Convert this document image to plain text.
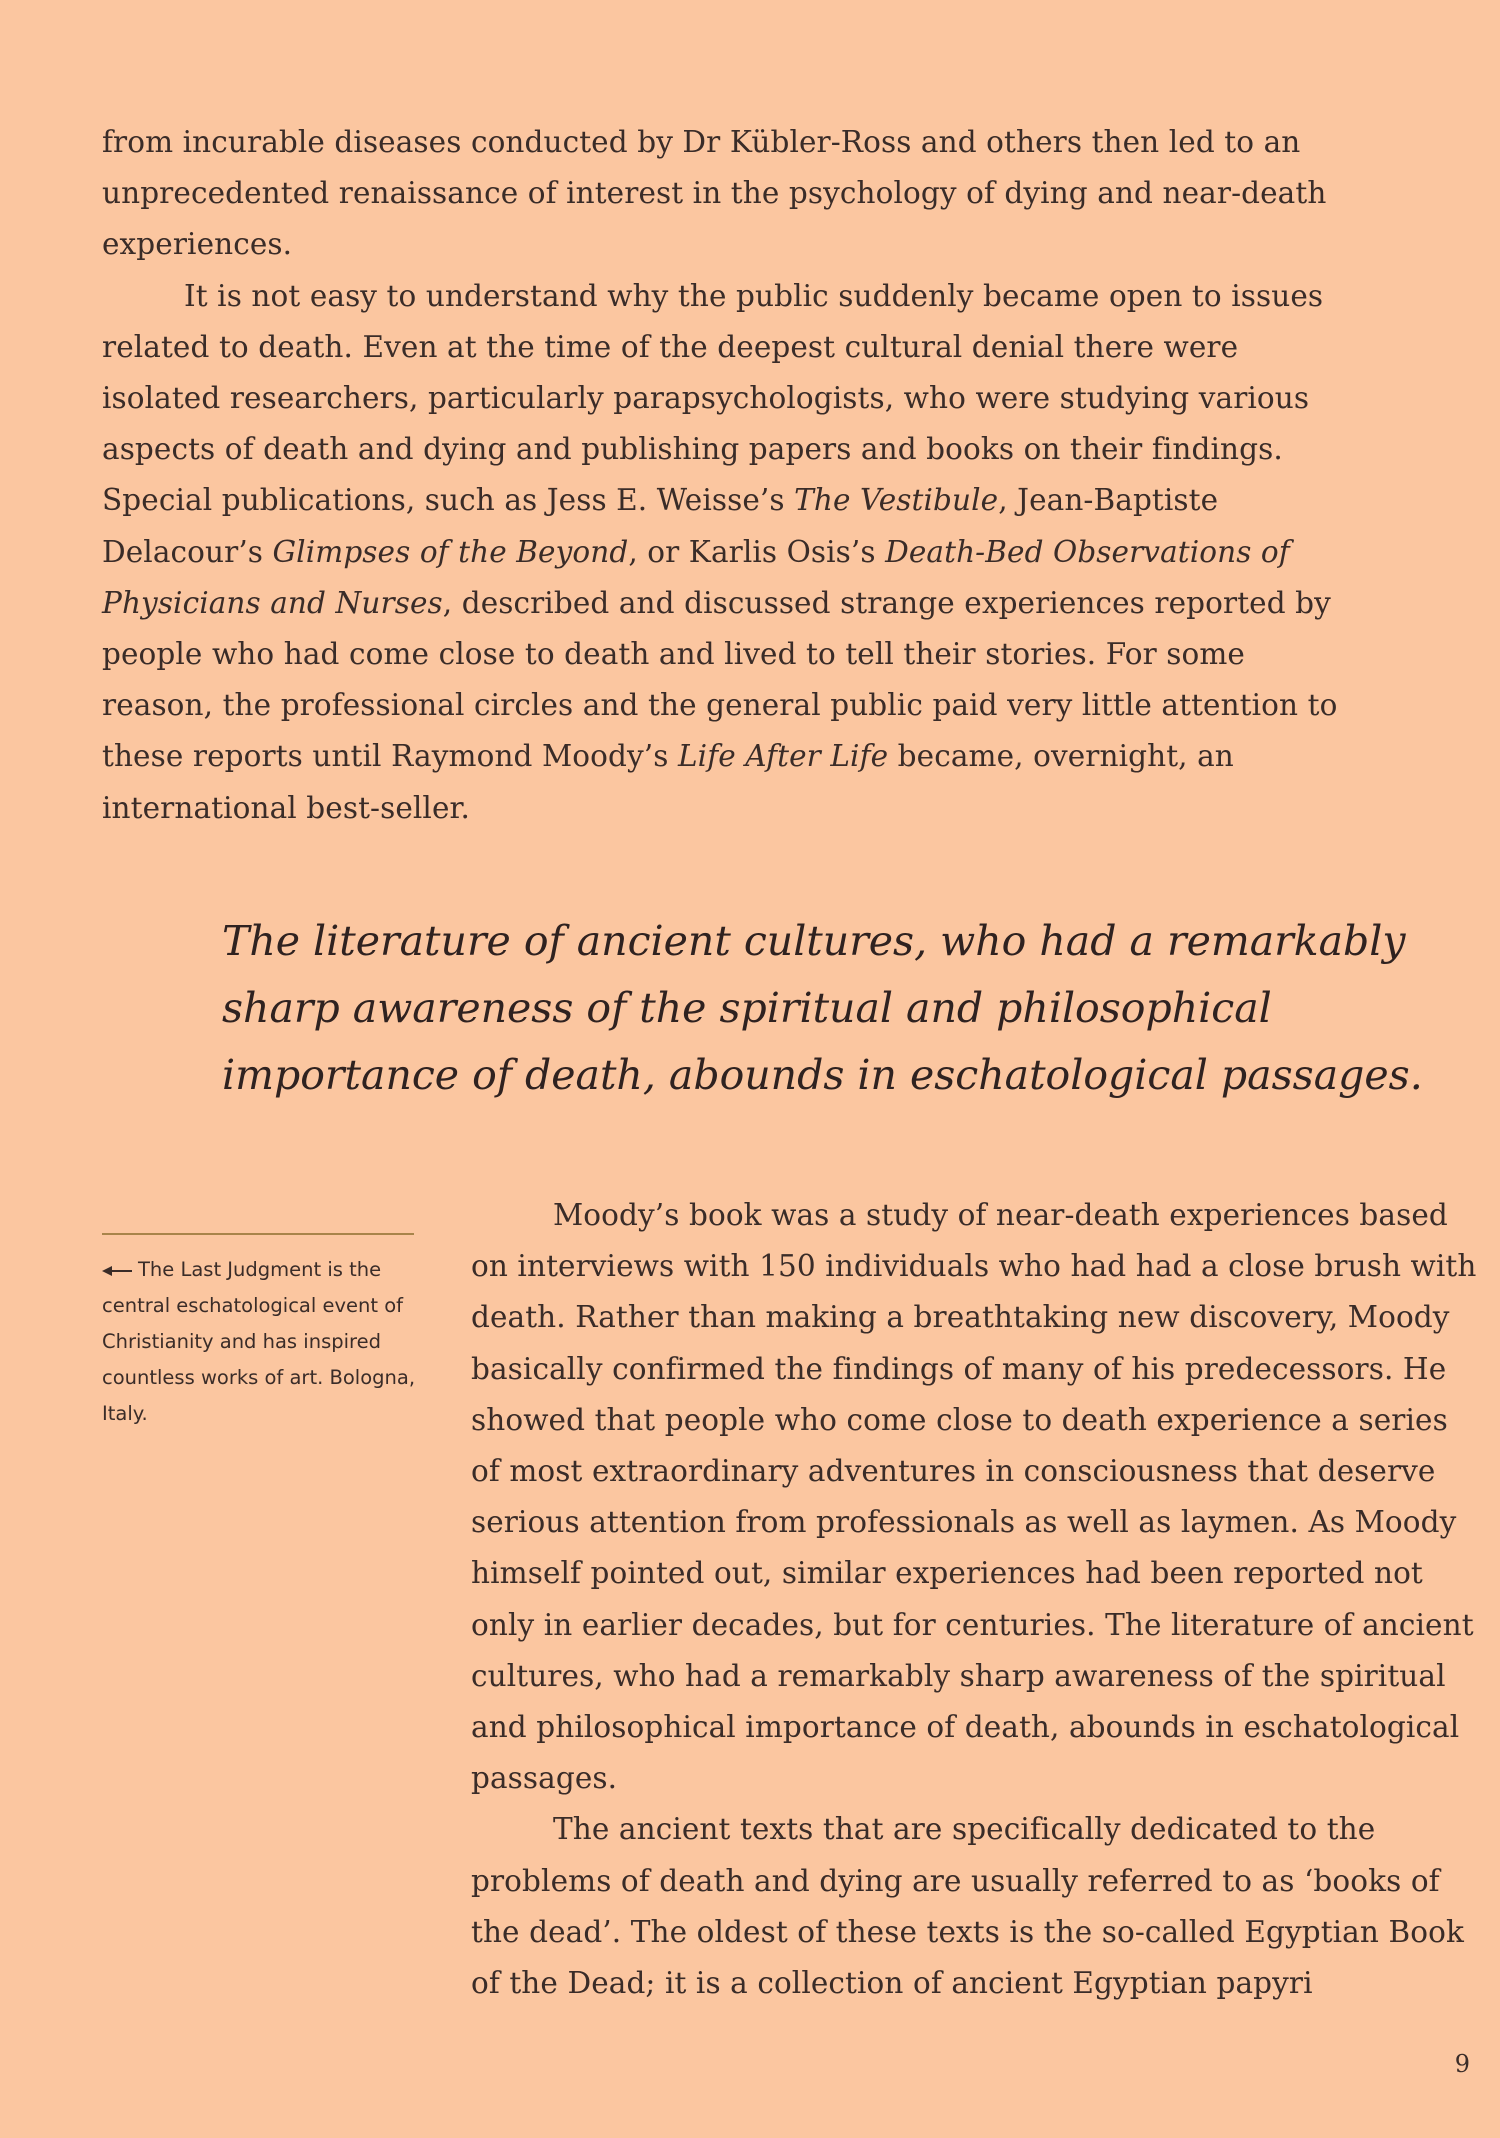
from incurable diseases conducted by Dr Kübler-Ross and others then led to an unprecedented renaissance of interest in the psychology of dying and near-death experiences.

It is not easy to understand why the public suddenly became open to issues related to death. Even at the time of the deepest cultural denial there were isolated researchers, particularly parapsychologists, who were studying various aspects of death and dying and publishing papers and books on their findings. Special publications, such as Jess E. Weisse’s The Vestibule, Jean-Baptiste Delacour’s Glimpses of the Beyond, or Karlis Osis’s Death-Bed Observations of Physicians and Nurses, described and discussed strange experiences reported by people who had come close to death and lived to tell their stories. For some reason, the professional circles and the general public paid very little attention to these reports until Raymond Moody’s Life After Life became, overnight, an international best-seller.

The literature of ancient cultures, who had a remarkably sharp awareness of the spiritual and philosophical importance of death, abounds in eschatological passages.

The Last Judgment is the central eschatological event of Christianity and has inspired countless works of art. Bologna, Italy.

Moody’s book was a study of near-death experiences based on interviews with 150 individuals who had had a close brush with death. Rather than making a breathtaking new discovery, Moody basically confirmed the findings of many of his predecessors. He showed that people who come close to death experience a series of most extraordinary adventures in consciousness that deserve serious attention from professionals as well as laymen. As Moody himself pointed out, similar experiences had been reported not only in earlier decades, but for centuries. The literature of ancient cultures, who had a remarkably sharp awareness of the spiritual and philosophical importance of death, abounds in eschatological passages.

The ancient texts that are specifically dedicated to the problems of death and dying are usually referred to as ‘books of the dead’. The oldest of these texts is the so-called Egyptian Book of the Dead; it is a collection of ancient Egyptian papyri

9
